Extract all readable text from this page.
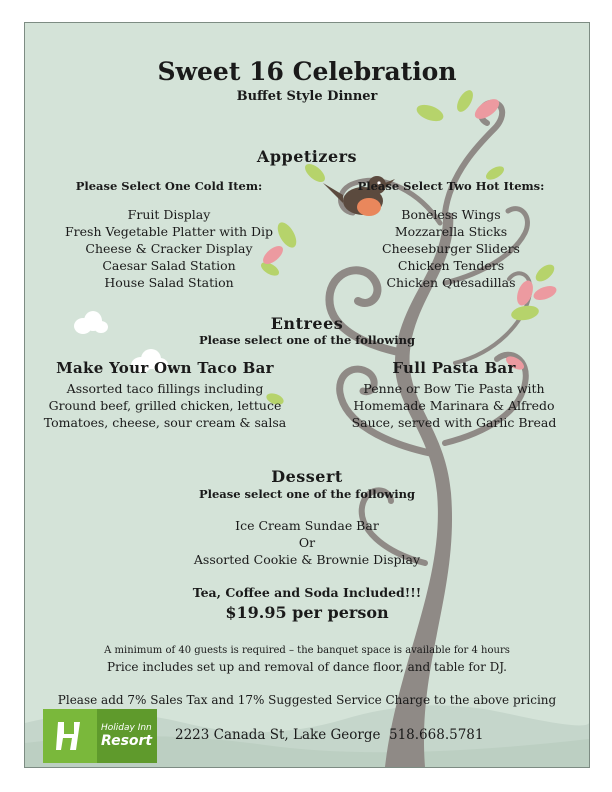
Sweet 16 Celebration
Buffet Style Dinner
Appetizers
Please Select One Cold Item:
Fruit Display
Fresh Vegetable Platter with Dip
Cheese & Cracker Display
Caesar Salad Station
House Salad Station
Please Select Two Hot Items:
Boneless Wings
Mozzarella Sticks
Cheeseburger Sliders
Chicken Tenders
Chicken Quesadillas
Entrees
Please select one of the following
Make Your Own Taco Bar
Assorted taco fillings including
Ground beef, grilled chicken, lettuce
Tomatoes, cheese, sour cream & salsa
Full Pasta Bar
Penne or Bow Tie Pasta with
Homemade Marinara & Alfredo
Sauce, served with Garlic Bread
Dessert
Please select one of the following
Ice Cream Sundae Bar
Or
Assorted Cookie & Brownie Display
Tea, Coffee and Soda Included!!!
$19.95 per person
A minimum of 40 guests is required – the banquet space is available for 4 hours
Price includes set up and removal of dance floor, and table for DJ.
Please add 7% Sales Tax and 17% Suggested Service Charge to the above pricing
Holiday Inn
Resort	2223 Canada St, Lake George 518.668.5781
